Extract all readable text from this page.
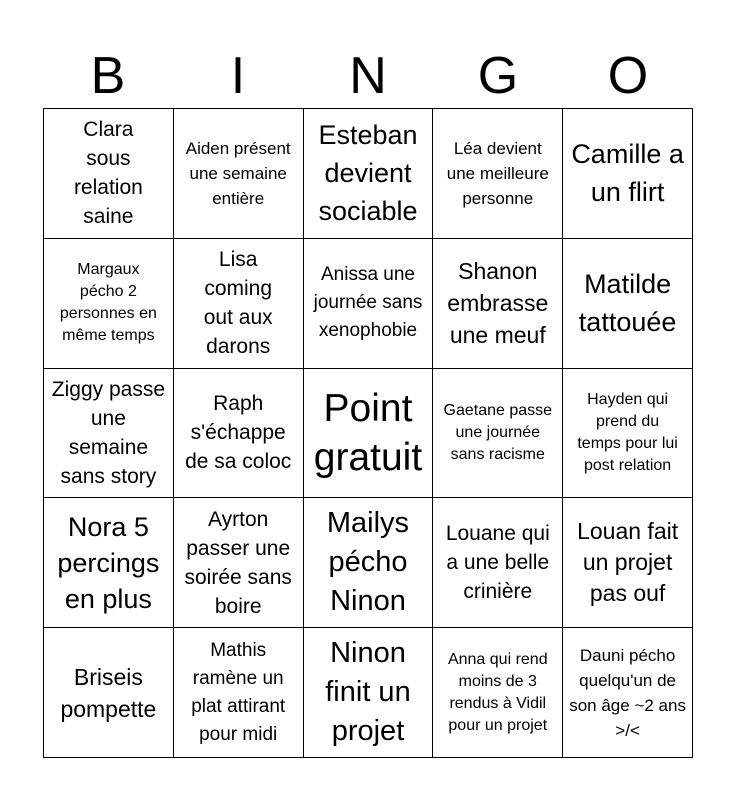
B	I	N	G	O
Clara sous relation saine
Aiden présent une semaine entière
Esteban devient sociable
Léa devient une meilleure personne
Camille a un flirt
Margaux pécho 2 personnes en même temps
Lisa coming out aux darons
Anissa une journée sans xenophobie
Shanon embrasse une meuf
Matilde tattouée
Ziggy passe une semaine sans story
Raph s'échappe de sa coloc
Point gratuit
Gaetane passe une journée sans racisme
Hayden qui prend du temps pour lui post relation
Nora 5 percings en plus
Ayrton passer une soirée sans boire
Mailys pécho Ninon
Louane qui a une belle crinière
Louan fait un projet pas ouf
Briseis pompette
Mathis ramène un plat attirant pour midi
Ninon finit un projet
Anna qui rend moins de 3 rendus à Vidil pour un projet
Dauni pécho quelqu'un de son âge ~2 ans >/<
